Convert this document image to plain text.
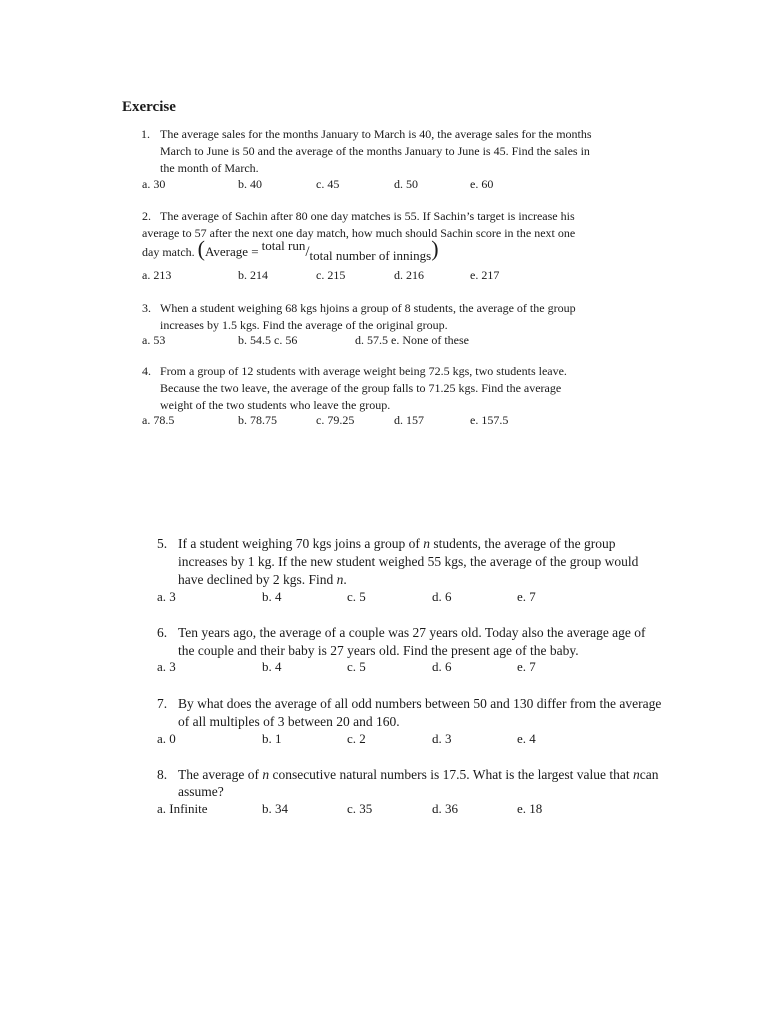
Exercise
1. The average sales for the months January to March is 40, the average sales for the months
March to June is 50 and the average of the months January to June is 45. Find the sales in
the month of March.
a. 30	b. 40	c. 45	d. 50	e. 60
2. The average of Sachin after 80 one day matches is 55. If Sachin’s target is increase his
average to 57 after the next one day match, how much should Sachin score in the next one
day match. (Average = total run/total number of innings)
a. 213	b. 214	c. 215	d. 216	e. 217
3. When a student weighing 68 kgs hjoins a group of 8 students, the average of the group
increases by 1.5 kgs. Find the average of the original group.
a. 53	b. 54.5 c. 56	d. 57.5 e. None of these
4. From a group of 12 students with average weight being 72.5 kgs, two students leave.
Because the two leave, the average of the group falls to 71.25 kgs. Find the average
weight of the two students who leave the group.
a. 78.5	b. 78.75	c. 79.25	d. 157	e. 157.5
5. If a student weighing 70 kgs joins a group of n students, the average of the group
increases by 1 kg. If the new student weighed 55 kgs, the average of the group would
have declined by 2 kgs. Find n.
a. 3	b. 4	c. 5	d. 6	e. 7
6. Ten years ago, the average of a couple was 27 years old. Today also the average age of
the couple and their baby is 27 years old. Find the present age of the baby.
a. 3	b. 4	c. 5	d. 6	e. 7
7. By what does the average of all odd numbers between 50 and 130 differ from the average
of all multiples of 3 between 20 and 160.
a. 0	b. 1	c. 2	d. 3	e. 4
8. The average of n consecutive natural numbers is 17.5. What is the largest value that ncan
assume?
a. Infinite	b. 34	c. 35	d. 36	e. 18
